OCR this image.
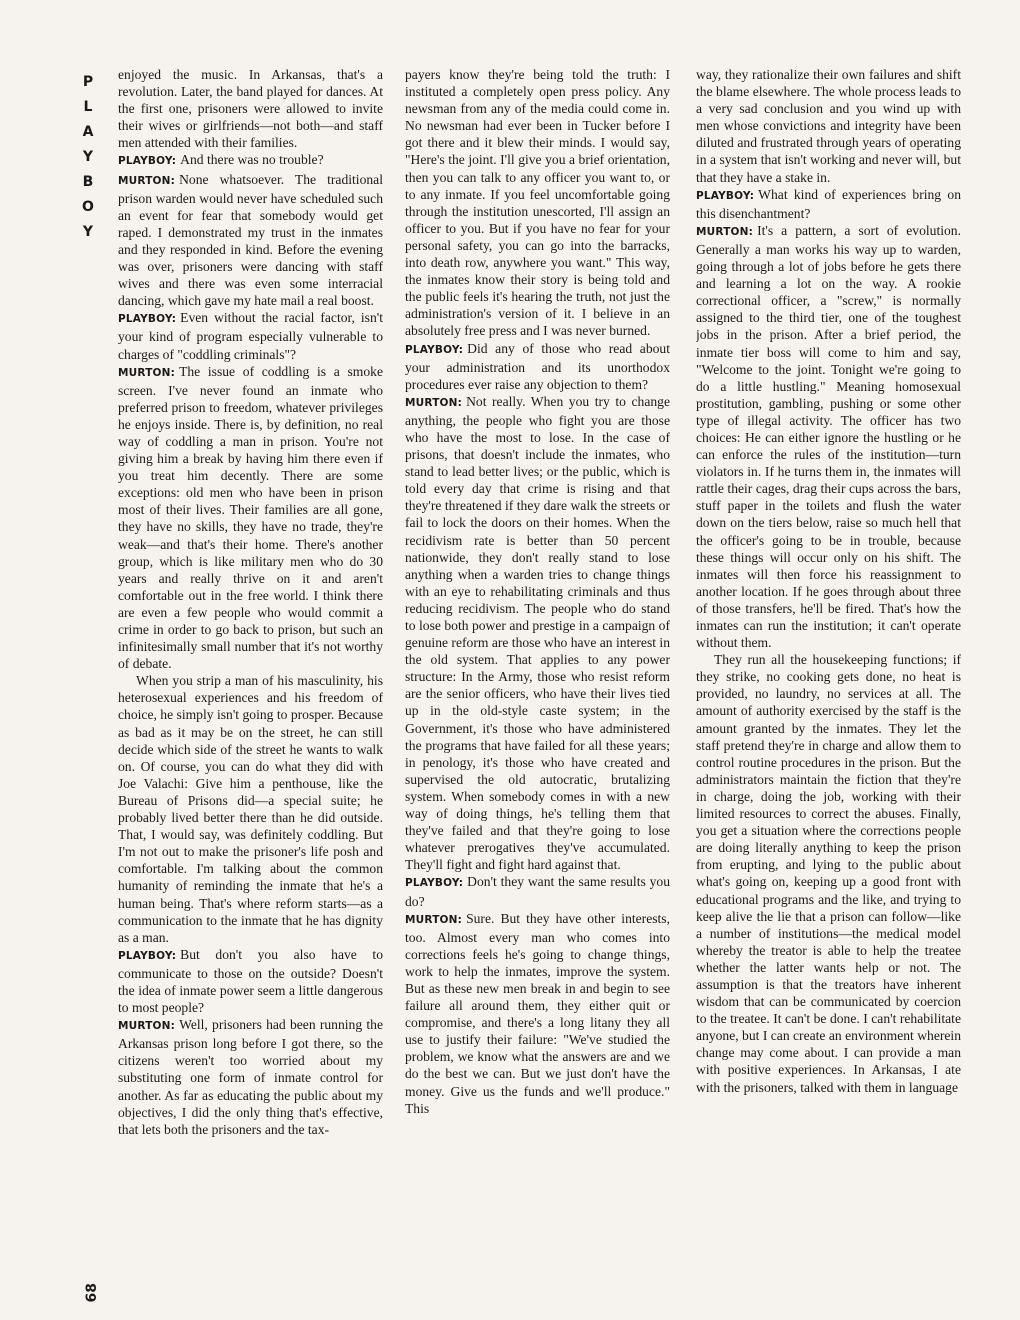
P
L
A
Y
B
O
Y
68

enjoyed the music. In Arkansas, that's a revolution. Later, the band played for dances. At the first one, prisoners were allowed to invite their wives or girlfriends—not both—and staff men attended with their families.

PLAYBOY: And there was no trouble?

MURTON: None whatsoever. The traditional prison warden would never have scheduled such an event for fear that somebody would get raped. I demonstrated my trust in the inmates and they responded in kind. Before the evening was over, prisoners were dancing with staff wives and there was even some interracial dancing, which gave my hate mail a real boost.

PLAYBOY: Even without the racial factor, isn't your kind of program especially vulnerable to charges of "coddling criminals"?

MURTON: The issue of coddling is a smoke screen. I've never found an inmate who preferred prison to freedom, whatever privileges he enjoys inside. There is, by definition, no real way of coddling a man in prison. You're not giving him a break by having him there even if you treat him decently. There are some exceptions: old men who have been in prison most of their lives. Their families are all gone, they have no skills, they have no trade, they're weak—and that's their home. There's another group, which is like military men who do 30 years and really thrive on it and aren't comfortable out in the free world. I think there are even a few people who would commit a crime in order to go back to prison, but such an infinitesimally small number that it's not worthy of debate.

When you strip a man of his masculinity, his heterosexual experiences and his freedom of choice, he simply isn't going to prosper. Because as bad as it may be on the street, he can still decide which side of the street he wants to walk on. Of course, you can do what they did with Joe Valachi: Give him a penthouse, like the Bureau of Prisons did—a special suite; he probably lived better there than he did outside. That, I would say, was definitely coddling. But I'm not out to make the prisoner's life posh and comfortable. I'm talking about the common humanity of reminding the inmate that he's a human being. That's where reform starts—as a communication to the inmate that he has dignity as a man.

PLAYBOY: But don't you also have to communicate to those on the outside? Doesn't the idea of inmate power seem a little dangerous to most people?

MURTON: Well, prisoners had been running the Arkansas prison long before I got there, so the citizens weren't too worried about my substituting one form of inmate control for another. As far as educating the public about my objectives, I did the only thing that's effective, that lets both the prisoners and the tax-

payers know they're being told the truth: I instituted a completely open press policy. Any newsman from any of the media could come in. No newsman had ever been in Tucker before I got there and it blew their minds. I would say, "Here's the joint. I'll give you a brief orientation, then you can talk to any officer you want to, or to any inmate. If you feel uncomfortable going through the institution unescorted, I'll assign an officer to you. But if you have no fear for your personal safety, you can go into the barracks, into death row, anywhere you want." This way, the inmates know their story is being told and the public feels it's hearing the truth, not just the administration's version of it. I believe in an absolutely free press and I was never burned.

PLAYBOY: Did any of those who read about your administration and its unorthodox procedures ever raise any objection to them?

MURTON: Not really. When you try to change anything, the people who fight you are those who have the most to lose. In the case of prisons, that doesn't include the inmates, who stand to lead better lives; or the public, which is told every day that crime is rising and that they're threatened if they dare walk the streets or fail to lock the doors on their homes. When the recidivism rate is better than 50 percent nationwide, they don't really stand to lose anything when a warden tries to change things with an eye to rehabilitating criminals and thus reducing recidivism. The people who do stand to lose both power and prestige in a campaign of genuine reform are those who have an interest in the old system. That applies to any power structure: In the Army, those who resist reform are the senior officers, who have their lives tied up in the old-style caste system; in the Government, it's those who have administered the programs that have failed for all these years; in penology, it's those who have created and supervised the old autocratic, brutalizing system. When somebody comes in with a new way of doing things, he's telling them that they've failed and that they're going to lose whatever prerogatives they've accumulated. They'll fight and fight hard against that.

PLAYBOY: Don't they want the same results you do?

MURTON: Sure. But they have other interests, too. Almost every man who comes into corrections feels he's going to change things, work to help the inmates, improve the system. But as these new men break in and begin to see failure all around them, they either quit or compromise, and there's a long litany they all use to justify their failure: "We've studied the problem, we know what the answers are and we do the best we can. But we just don't have the money. Give us the funds and we'll produce." This

way, they rationalize their own failures and shift the blame elsewhere. The whole process leads to a very sad conclusion and you wind up with men whose convictions and integrity have been diluted and frustrated through years of operating in a system that isn't working and never will, but that they have a stake in.

PLAYBOY: What kind of experiences bring on this disenchantment?

MURTON: It's a pattern, a sort of evolution. Generally a man works his way up to warden, going through a lot of jobs before he gets there and learning a lot on the way. A rookie correctional officer, a "screw," is normally assigned to the third tier, one of the toughest jobs in the prison. After a brief period, the inmate tier boss will come to him and say, "Welcome to the joint. Tonight we're going to do a little hustling." Meaning homosexual prostitution, gambling, pushing or some other type of illegal activity. The officer has two choices: He can either ignore the hustling or he can enforce the rules of the institution—turn violators in. If he turns them in, the inmates will rattle their cages, drag their cups across the bars, stuff paper in the toilets and flush the water down on the tiers below, raise so much hell that the officer's going to be in trouble, because these things will occur only on his shift. The inmates will then force his reassignment to another location. If he goes through about three of those transfers, he'll be fired. That's how the inmates can run the institution; it can't operate without them.

They run all the housekeeping functions; if they strike, no cooking gets done, no heat is provided, no laundry, no services at all. The amount of authority exercised by the staff is the amount granted by the inmates. They let the staff pretend they're in charge and allow them to control routine procedures in the prison. But the administrators maintain the fiction that they're in charge, doing the job, working with their limited resources to correct the abuses. Finally, you get a situation where the corrections people are doing literally anything to keep the prison from erupting, and lying to the public about what's going on, keeping up a good front with educational programs and the like, and trying to keep alive the lie that a prison can follow—like a number of institutions—the medical model whereby the treator is able to help the treatee whether the latter wants help or not. The assumption is that the treators have inherent wisdom that can be communicated by coercion to the treatee. It can't be done. I can't rehabilitate anyone, but I can create an environment wherein change may come about. I can provide a man with positive experiences. In Arkansas, I ate with the prisoners, talked with them in language
